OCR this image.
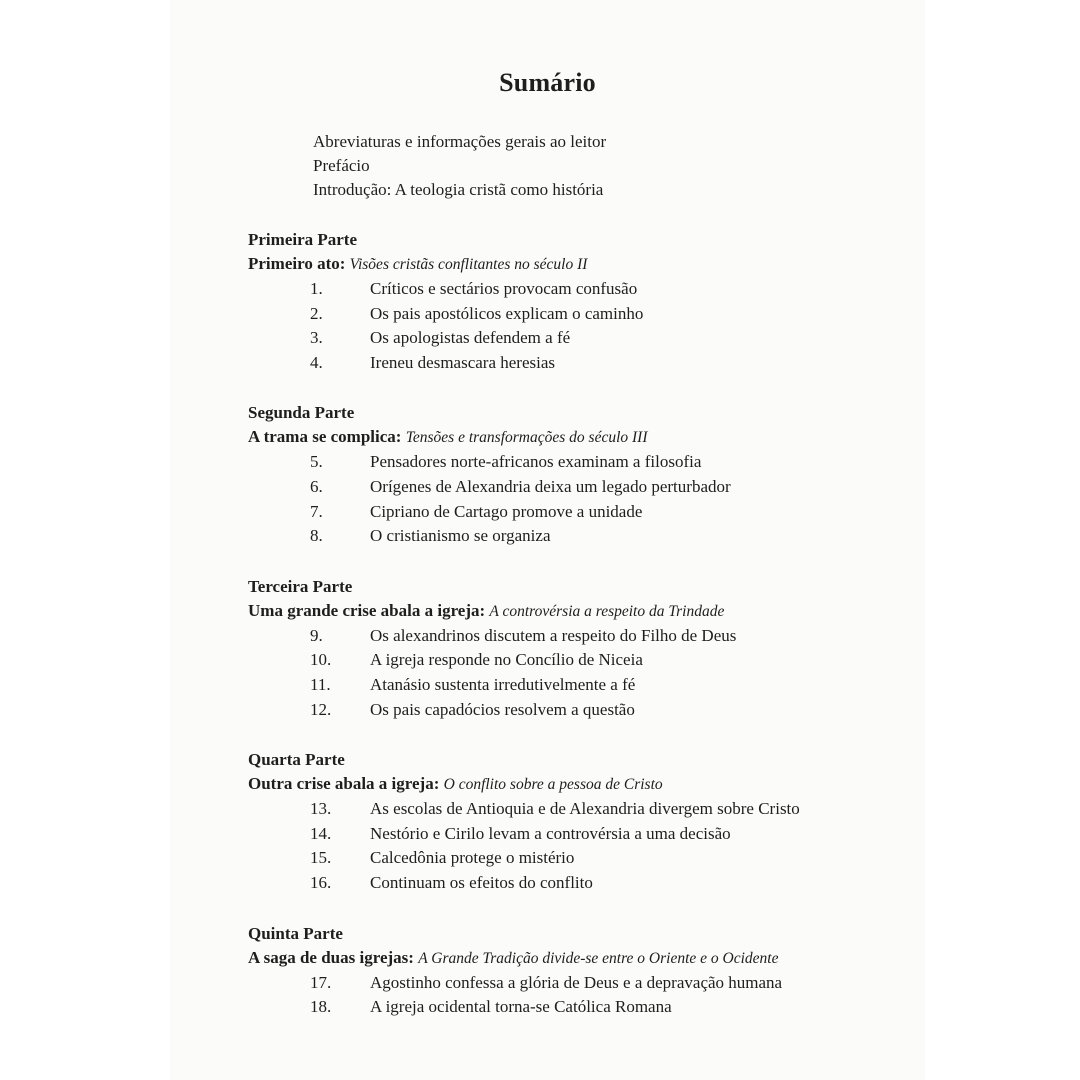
Sumário
Abreviaturas e informações gerais ao leitor
Prefácio
Introdução: A teologia cristã como história
Primeira Parte
Primeiro ato: Visões cristãs conflitantes no século II
1.	Críticos e sectários provocam confusão
2.	Os pais apostólicos explicam o caminho
3.	Os apologistas defendem a fé
4.	Ireneu desmascara heresias
Segunda Parte
A trama se complica: Tensões e transformações do século III
5.	Pensadores norte-africanos examinam a filosofia
6.	Orígenes de Alexandria deixa um legado perturbador
7.	Cipriano de Cartago promove a unidade
8.	O cristianismo se organiza
Terceira Parte
Uma grande crise abala a igreja: A controvérsia a respeito da Trindade
9.	Os alexandrinos discutem a respeito do Filho de Deus
10.	A igreja responde no Concílio de Niceia
11.	Atanásio sustenta irredutivelmente a fé
12.	Os pais capadócios resolvem a questão
Quarta Parte
Outra crise abala a igreja: O conflito sobre a pessoa de Cristo
13.	As escolas de Antioquia e de Alexandria divergem sobre Cristo
14.	Nestório e Cirilo levam a controvérsia a uma decisão
15.	Calcedônia protege o mistério
16.	Continuam os efeitos do conflito
Quinta Parte
A saga de duas igrejas: A Grande Tradição divide-se entre o Oriente e o Ocidente
17.	Agostinho confessa a glória de Deus e a depravação humana
18.	A igreja ocidental torna-se Católica Romana
